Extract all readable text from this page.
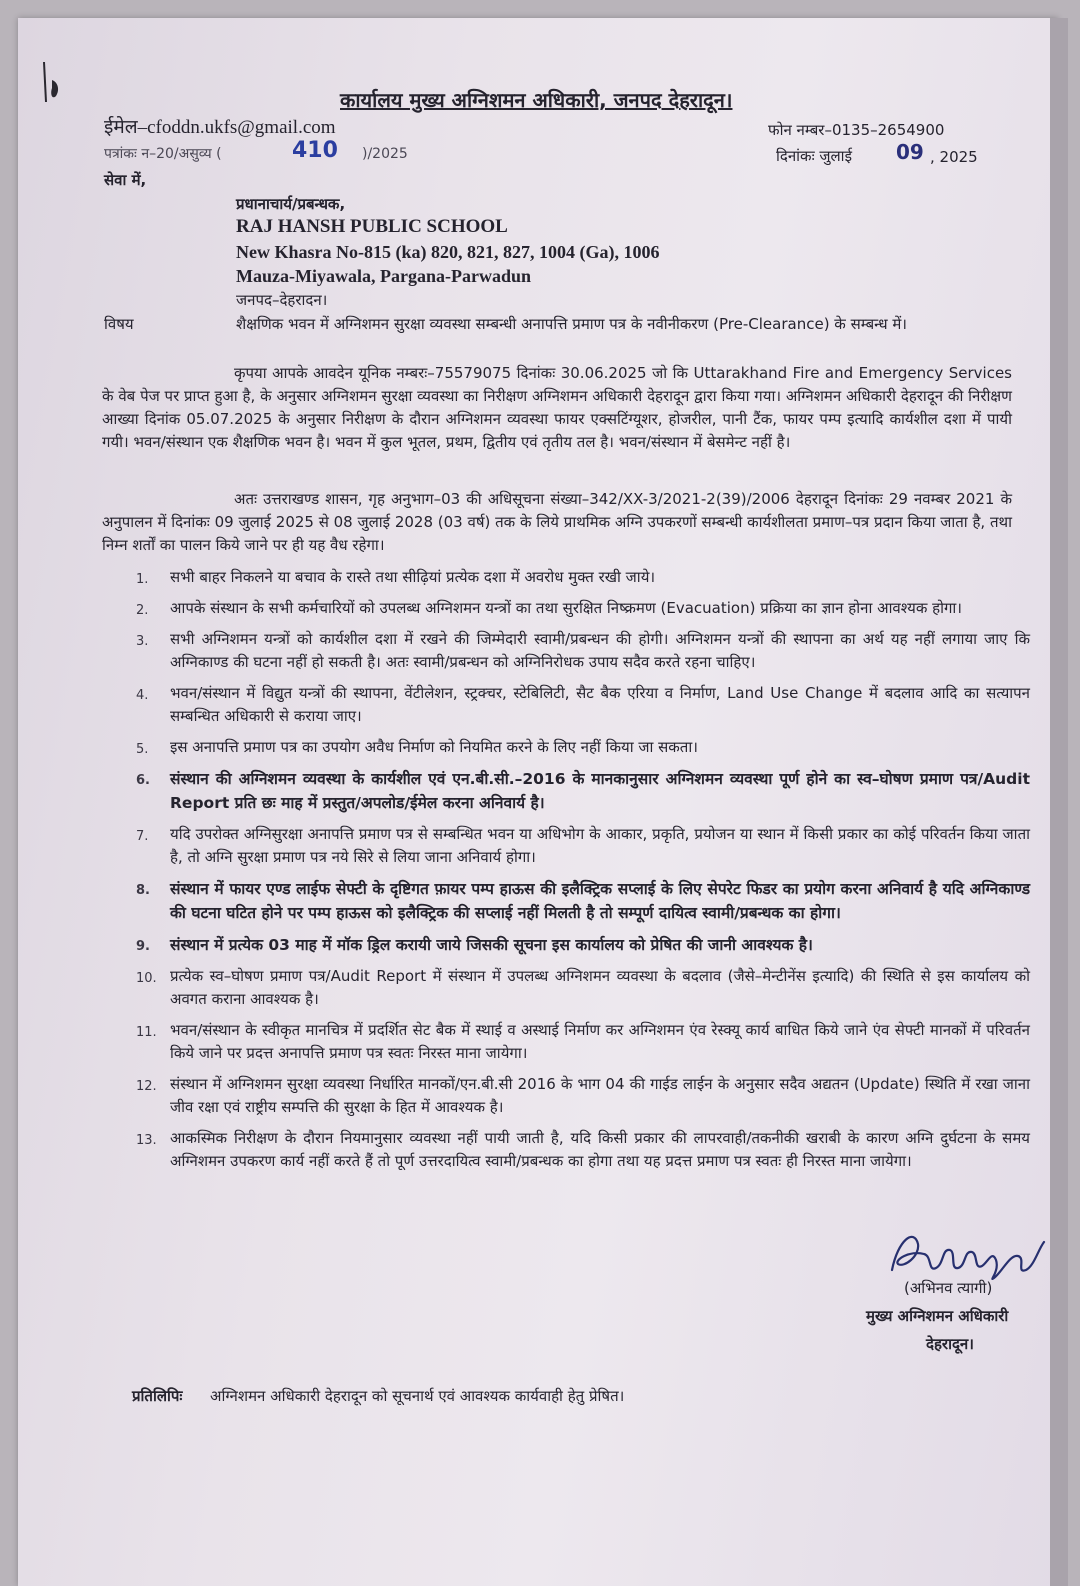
कार्यालय मुख्य अग्निशमन अधिकारी, जनपद देहरादून।
ईमेल–cfoddn.ukfs@gmail.com	फोन नम्बर–0135–2654900
पत्रांकः न–20/असुव्य (	410 )/2025	दिनांकः जुलाई 09 , 2025
सेवा में,
प्रधानाचार्य/प्रबन्धक,
RAJ HANSH PUBLIC SCHOOL
New Khasra No-815 (ka) 820, 821, 827, 1004 (Ga), 1006
Mauza-Miyawala, Pargana-Parwadun
जनपद–देहरादन।
विषय	शैक्षणिक भवन में अग्निशमन सुरक्षा व्यवस्था सम्बन्धी अनापत्ति प्रमाण पत्र के नवीनीकरण (Pre-Clearance) के सम्बन्ध में।
कृपया आपके आवदेन यूनिक नम्बरः–75579075 दिनांकः 30.06.2025 जो कि Uttarakhand Fire and Emergency Services के वेब पेज पर प्राप्त हुआ है, के अनुसार अग्निशमन सुरक्षा व्यवस्था का निरीक्षण अग्निशमन अधिकारी देहरादून द्वारा किया गया। अग्निशमन अधिकारी देहरादून की निरीक्षण आख्या दिनांक 05.07.2025 के अनुसार निरीक्षण के दौरान अग्निशमन व्यवस्था फायर एक्सटिंग्यूशर, होजरील, पानी टैंक, फायर पम्प इत्यादि कार्यशील दशा में पायी गयी। भवन/संस्थान एक शैक्षणिक भवन है। भवन में कुल भूतल, प्रथम, द्वितीय एवं तृतीय तल है। भवन/संस्थान में बेसमेन्ट नहीं है।
अतः उत्तराखण्ड शासन, गृह अनुभाग–03 की अधिसूचना संख्या–342/XX-3/2021-2(39)/2006 देहरादून दिनांकः 29 नवम्बर 2021 के अनुपालन में दिनांकः 09 जुलाई 2025 से 08 जुलाई 2028 (03 वर्ष) तक के लिये प्राथमिक अग्नि उपकरणों सम्बन्धी कार्यशीलता प्रमाण–पत्र प्रदान किया जाता है, तथा निम्न शर्तों का पालन किये जाने पर ही यह वैध रहेगा।
1. सभी बाहर निकलने या बचाव के रास्ते तथा सीढ़ियां प्रत्येक दशा में अवरोध मुक्त रखी जाये।
2. आपके संस्थान के सभी कर्मचारियों को उपलब्ध अग्निशमन यन्त्रों का तथा सुरक्षित निष्क्रमण (Evacuation) प्रक्रिया का ज्ञान होना आवश्यक होगा।
3. सभी अग्निशमन यन्त्रों को कार्यशील दशा में रखने की जिम्मेदारी स्वामी/प्रबन्धन की होगी। अग्निशमन यन्त्रों की स्थापना का अर्थ यह नहीं लगाया जाए कि अग्निकाण्ड की घटना नहीं हो सकती है। अतः स्वामी/प्रबन्धन को अग्निनिरोधक उपाय सदैव करते रहना चाहिए।
4. भवन/संस्थान में विद्युत यन्त्रों की स्थापना, वेंटीलेशन, स्ट्रक्चर, स्टेबिलिटी, सैट बैक एरिया व निर्माण, Land Use Change में बदलाव आदि का सत्यापन सम्बन्धित अधिकारी से कराया जाए।
5. इस अनापत्ति प्रमाण पत्र का उपयोग अवैध निर्माण को नियमित करने के लिए नहीं किया जा सकता।
6. संस्थान की अग्निशमन व्यवस्था के कार्यशील एवं एन.बी.सी.–2016 के मानकानुसार अग्निशमन व्यवस्था पूर्ण होने का स्व–घोषण प्रमाण पत्र/Audit Report प्रति छः माह में प्रस्तुत/अपलोड/ईमेल करना अनिवार्य है।
7. यदि उपरोक्त अग्निसुरक्षा अनापत्ति प्रमाण पत्र से सम्बन्धित भवन या अधिभोग के आकार, प्रकृति, प्रयोजन या स्थान में किसी प्रकार का कोई परिवर्तन किया जाता है, तो अग्नि सुरक्षा प्रमाण पत्र नये सिरे से लिया जाना अनिवार्य होगा।
8. संस्थान में फायर एण्ड लाईफ सेफ्टी के दृष्टिगत फ़ायर पम्प हाऊस की इलैक्ट्रिक सप्लाई के लिए सेपरेट फिडर का प्रयोग करना अनिवार्य है यदि अग्निकाण्ड की घटना घटित होने पर पम्प हाऊस को इलैक्ट्रिक की सप्लाई नहीं मिलती है तो सम्पूर्ण दायित्व स्वामी/प्रबन्धक का होगा।
9. संस्थान में प्रत्येक 03 माह में मॉक ड्रिल करायी जाये जिसकी सूचना इस कार्यालय को प्रेषित की जानी आवश्यक है।
10. प्रत्येक स्व–घोषण प्रमाण पत्र/Audit Report में संस्थान में उपलब्ध अग्निशमन व्यवस्था के बदलाव (जैसे–मेन्टीनेंस इत्यादि) की स्थिति से इस कार्यालय को अवगत कराना आवश्यक है।
11. भवन/संस्थान के स्वीकृत मानचित्र में प्रदर्शित सेट बैक में स्थाई व अस्थाई निर्माण कर अग्निशमन एंव रेस्क्यू कार्य बाधित किये जाने एंव सेफ्टी मानकों में परिवर्तन किये जाने पर प्रदत्त अनापत्ति प्रमाण पत्र स्वतः निरस्त माना जायेगा।
12. संस्थान में अग्निशमन सुरक्षा व्यवस्था निर्धारित मानकों/एन.बी.सी 2016 के भाग 04 की गाईड लाईन के अनुसार सदैव अद्यतन (Update) स्थिति में रखा जाना जीव रक्षा एवं राष्ट्रीय सम्पत्ति की सुरक्षा के हित में आवश्यक है।
13. आकस्मिक निरीक्षण के दौरान नियमानुसार व्यवस्था नहीं पायी जाती है, यदि किसी प्रकार की लापरवाही/तकनीकी खराबी के कारण अग्नि दुर्घटना के समय अग्निशमन उपकरण कार्य नहीं करते हैं तो पूर्ण उत्तरदायित्व स्वामी/प्रबन्धक का होगा तथा यह प्रदत्त प्रमाण पत्र स्वतः ही निरस्त माना जायेगा।
(अभिनव त्यागी)
मुख्य अग्निशमन अधिकारी
देहरादून।
प्रतिलिपिः अग्निशमन अधिकारी देहरादून को सूचनार्थ एवं आवश्यक कार्यवाही हेतु प्रेषित।
